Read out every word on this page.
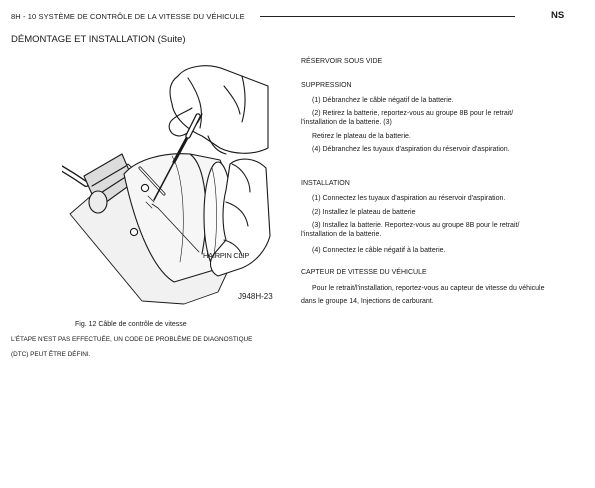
8H - 10 SYSTÈME DE CONTRÔLE DE LA VITESSE DU VÉHICULE	NS
DÉMONTAGE ET INSTALLATION (Suite)
HAIRPIN CLIP
J948H-23
Fig. 12 Câble de contrôle de vitesse
L'ÉTAPE N'EST PAS EFFECTUÉE, UN CODE DE PROBLÈME DE DIAGNOSTIQUE
(DTC) PEUT ÊTRE DÉFINI.
RÉSERVOIR SOUS VIDE
SUPPRESSION
(1) Débranchez le câble négatif de la batterie.
(2) Retirez la batterie, reportez-vous au groupe 8B pour le retrait/
l'installation de la batterie. (3)
Retirez le plateau de la batterie.
(4) Débranchez les tuyaux d'aspiration du réservoir d'aspiration.
INSTALLATION
(1) Connectez les tuyaux d'aspiration au réservoir d'aspiration.
(2) Installez le plateau de batterie
(3) Installez la batterie. Reportez-vous au groupe 8B pour le retrait/
l'installation de la batterie.
(4) Connectez le câble négatif à la batterie.
CAPTEUR DE VITESSE DU VÉHICULE
Pour le retrait/l'installation, reportez-vous au capteur de vitesse du véhicule
dans le groupe 14, Injections de carburant.
